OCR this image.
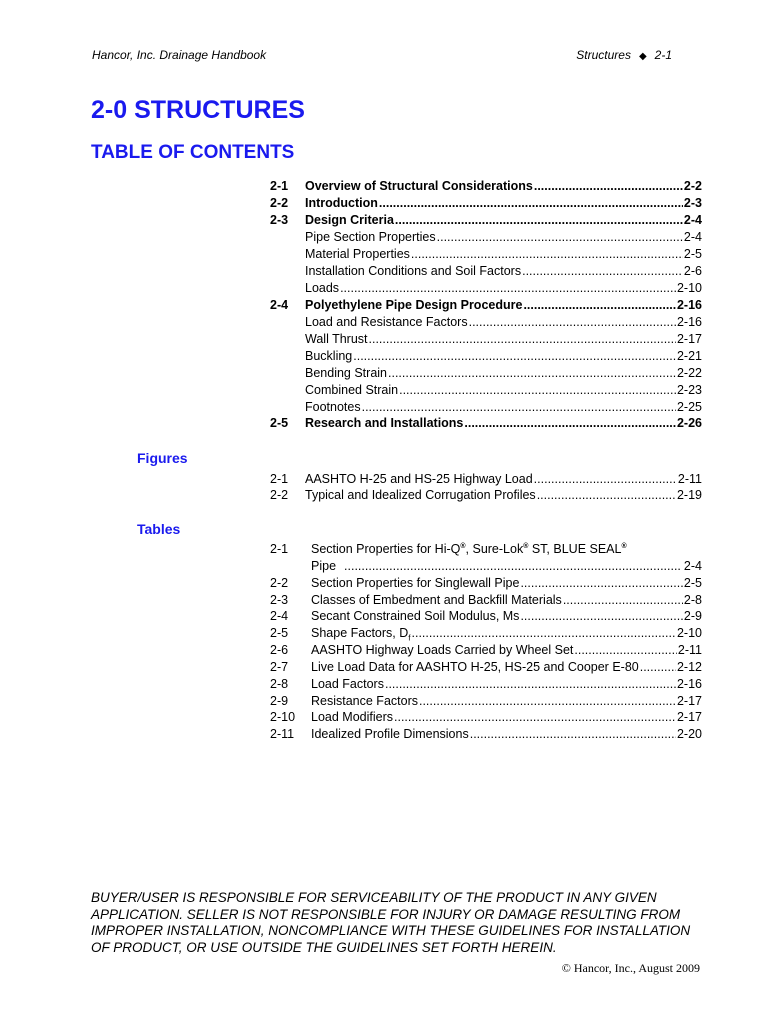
Hancor, Inc. Drainage Handbook	Structures ◆ 2-1
2-0 STRUCTURES
TABLE OF CONTENTS
2-1	Overview of Structural Considerations .....	2-2
2-2	Introduction .....	2-3
2-3	Design Criteria .....	2-4
Pipe Section Properties .....	2-4
Material Properties .....	2-5
Installation Conditions and Soil Factors .....	2-6
Loads .....	2-10
2-4	Polyethylene Pipe Design Procedure .....	2-16
Load and Resistance Factors .....	2-16
Wall Thrust .....	2-17
Buckling .....	2-21
Bending Strain .....	2-22
Combined Strain .....	2-23
Footnotes .....	2-25
2-5	Research and Installations .....	2-26
Figures
2-1	AASHTO H-25 and HS-25 Highway Load .....	2-11
2-2	Typical and Idealized Corrugation Profiles .....	2-19
Tables
2-1	Section Properties for Hi-Q®, Sure-Lok® ST, BLUE SEAL®
Pipe .....	2-4
2-2	Section Properties for Singlewall Pipe .....	2-5
2-3	Classes of Embedment and Backfill Materials .....	2-8
2-4	Secant Constrained Soil Modulus, Ms .....	2-9
2-5	Shape Factors, $D_f$ .....	2-10
2-6	AASHTO Highway Loads Carried by Wheel Set .....	2-11
2-7	Live Load Data for AASHTO H-25, HS-25 and Cooper E-80 .....	2-12
2-8	Load Factors .....	2-16
2-9	Resistance Factors .....	2-17
2-10	Load Modifiers .....	2-17
2-11	Idealized Profile Dimensions .....	2-20
BUYER/USER IS RESPONSIBLE FOR SERVICEABILITY OF THE PRODUCT IN ANY GIVEN APPLICATION. SELLER IS NOT RESPONSIBLE FOR INJURY OR DAMAGE RESULTING FROM IMPROPER INSTALLATION, NONCOMPLIANCE WITH THESE GUIDELINES FOR INSTALLATION OF PRODUCT, OR USE OUTSIDE THE GUIDELINES SET FORTH HEREIN.
© Hancor, Inc., August 2009
